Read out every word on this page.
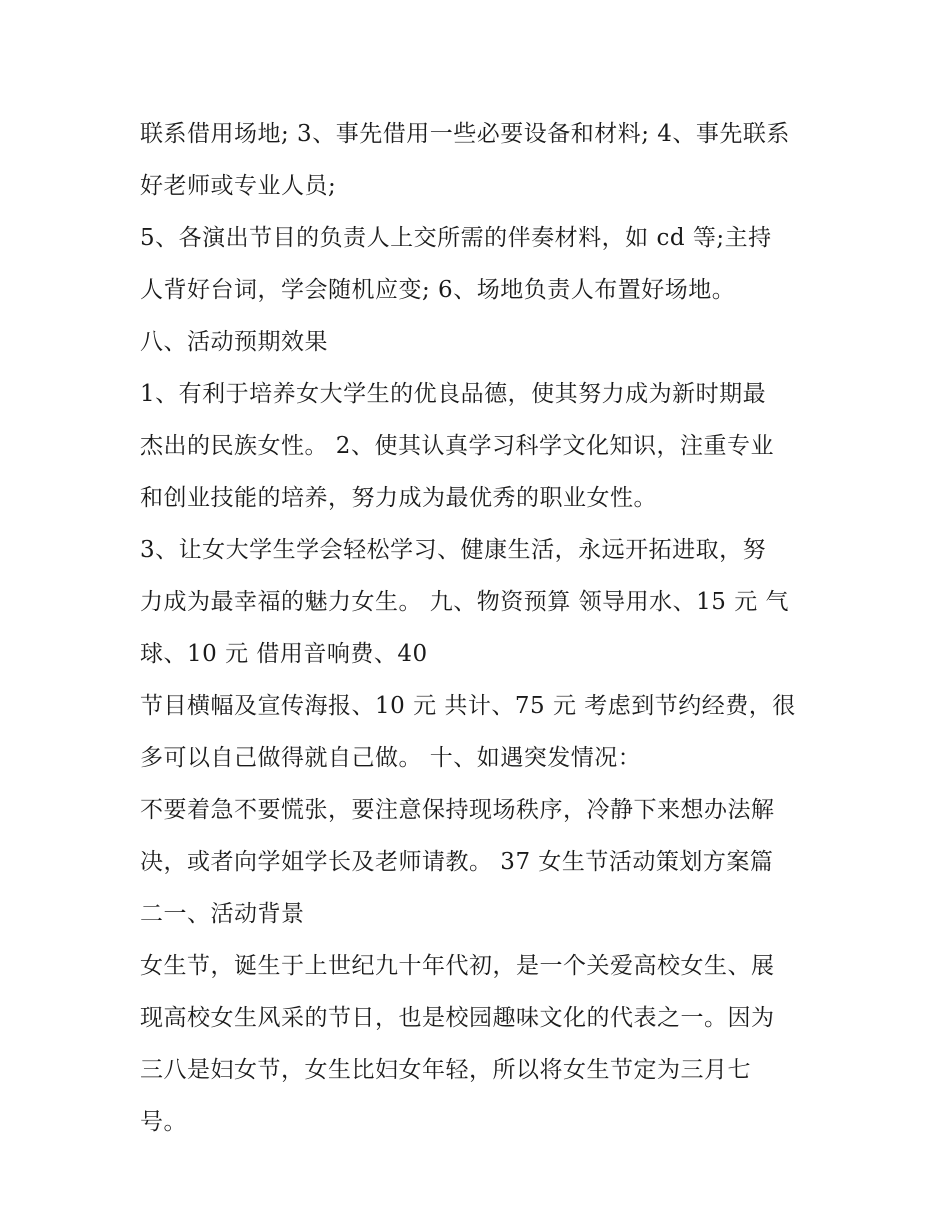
联系借用场地; 3、事先借用一些必要设备和材料; 4、事先联系
好老师或专业人员;
5、各演出节目的负责人上交所需的伴奏材料，如 cd 等;主持
人背好台词，学会随机应变; 6、场地负责人布置好场地。
八、活动预期效果
1、有利于培养女大学生的优良品德，使其努力成为新时期最
杰出的民族女性。 2、使其认真学习科学文化知识，注重专业
和创业技能的培养，努力成为最优秀的职业女性。
3、让女大学生学会轻松学习、健康生活，永远开拓进取，努
力成为最幸福的魅力女生。 九、物资预算 领导用水、15 元 气
球、10 元 借用音响费、40
节目横幅及宣传海报、10 元 共计、75 元 考虑到节约经费，很
多可以自己做得就自己做。 十、如遇突发情况：
不要着急不要慌张，要注意保持现场秩序，冷静下来想办法解
决，或者向学姐学长及老师请教。 37 女生节活动策划方案篇
二一、活动背景
女生节，诞生于上世纪九十年代初，是一个关爱高校女生、展
现高校女生风采的节日，也是校园趣味文化的代表之一。因为
三八是妇女节，女生比妇女年轻，所以将女生节定为三月七
号。
